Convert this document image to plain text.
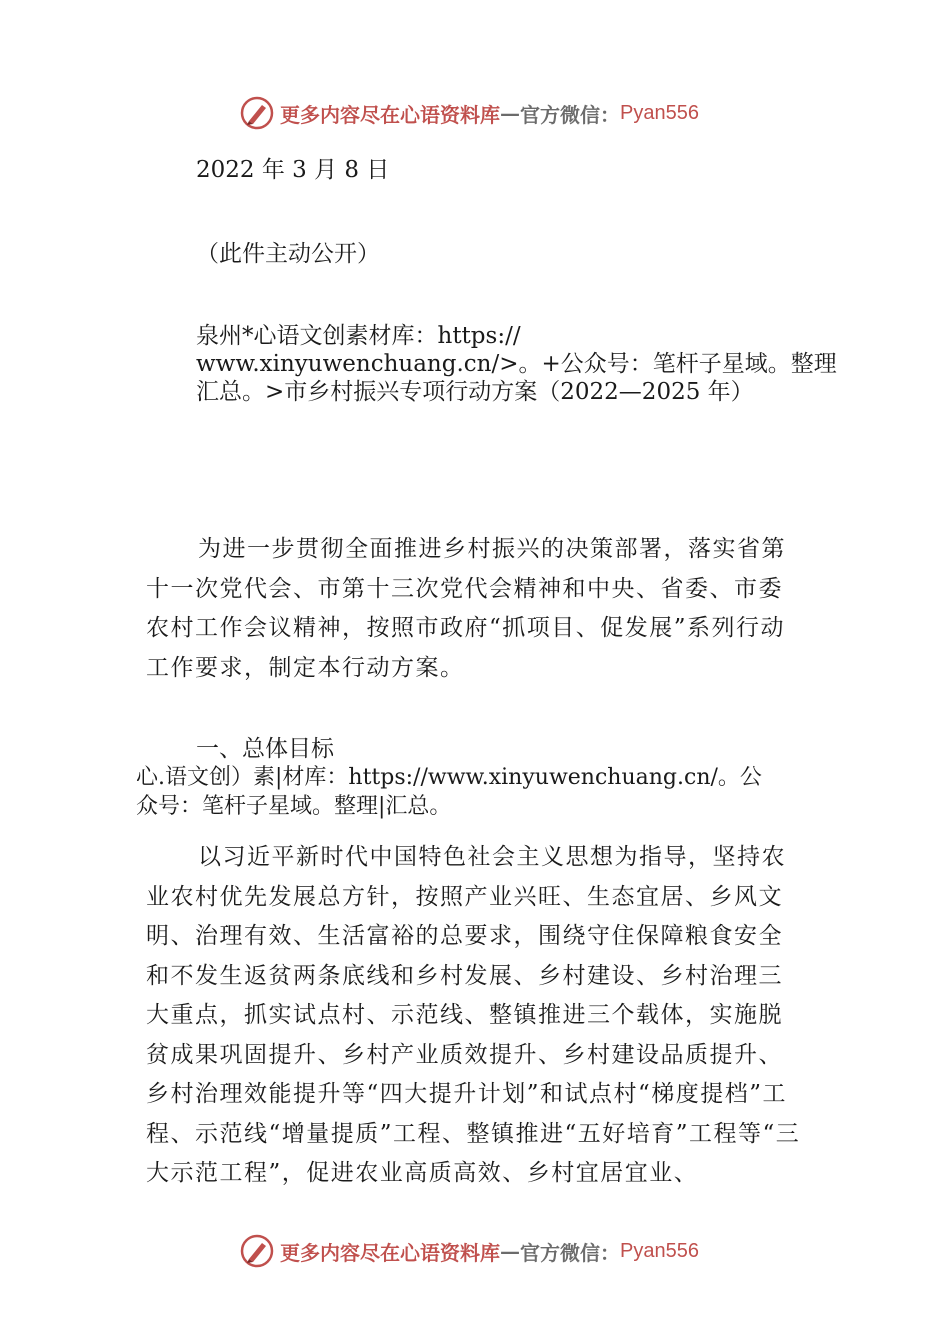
更多内容尽在心语资料库 — 官方微信： Pyan556
2022 年 3 月 8 日
（此件主动公开）
泉州*心语文创素材库：https://
www.xinyuwenchuang.cn/>。+公众号：笔杆子星域。整理
汇总。>市乡村振兴专项行动方案（2022—2025 年）
为进一步贯彻全面推进乡村振兴的决策部署，落实省第十一次党代会、市第十三次党代会精神和中央、省委、市委农村工作会议精神，按照市政府“抓项目、促发展”系列行动工作要求，制定本行动方案。
一、总体目标
心.语文创）素|材库：https://www.xinyuwenchuang.cn/。公
众号：笔杆子星域。整理|汇总。
以习近平新时代中国特色社会主义思想为指导，坚持农业农村优先发展总方针，按照产业兴旺、生态宜居、乡风文明、治理有效、生活富裕的总要求，围绕守住保障粮食安全和不发生返贫两条底线和乡村发展、乡村建设、乡村治理三大重点，抓实试点村、示范线、整镇推进三个载体，实施脱贫成果巩固提升、乡村产业质效提升、乡村建设品质提升、乡村治理效能提升等“四大提升计划”和试点村“梯度提档”工程、示范线“增量提质”工程、整镇推进“五好培育”工程等“三大示范工程”，促进农业高质高效、乡村宜居宜业、
更多内容尽在心语资料库 — 官方微信： Pyan556
